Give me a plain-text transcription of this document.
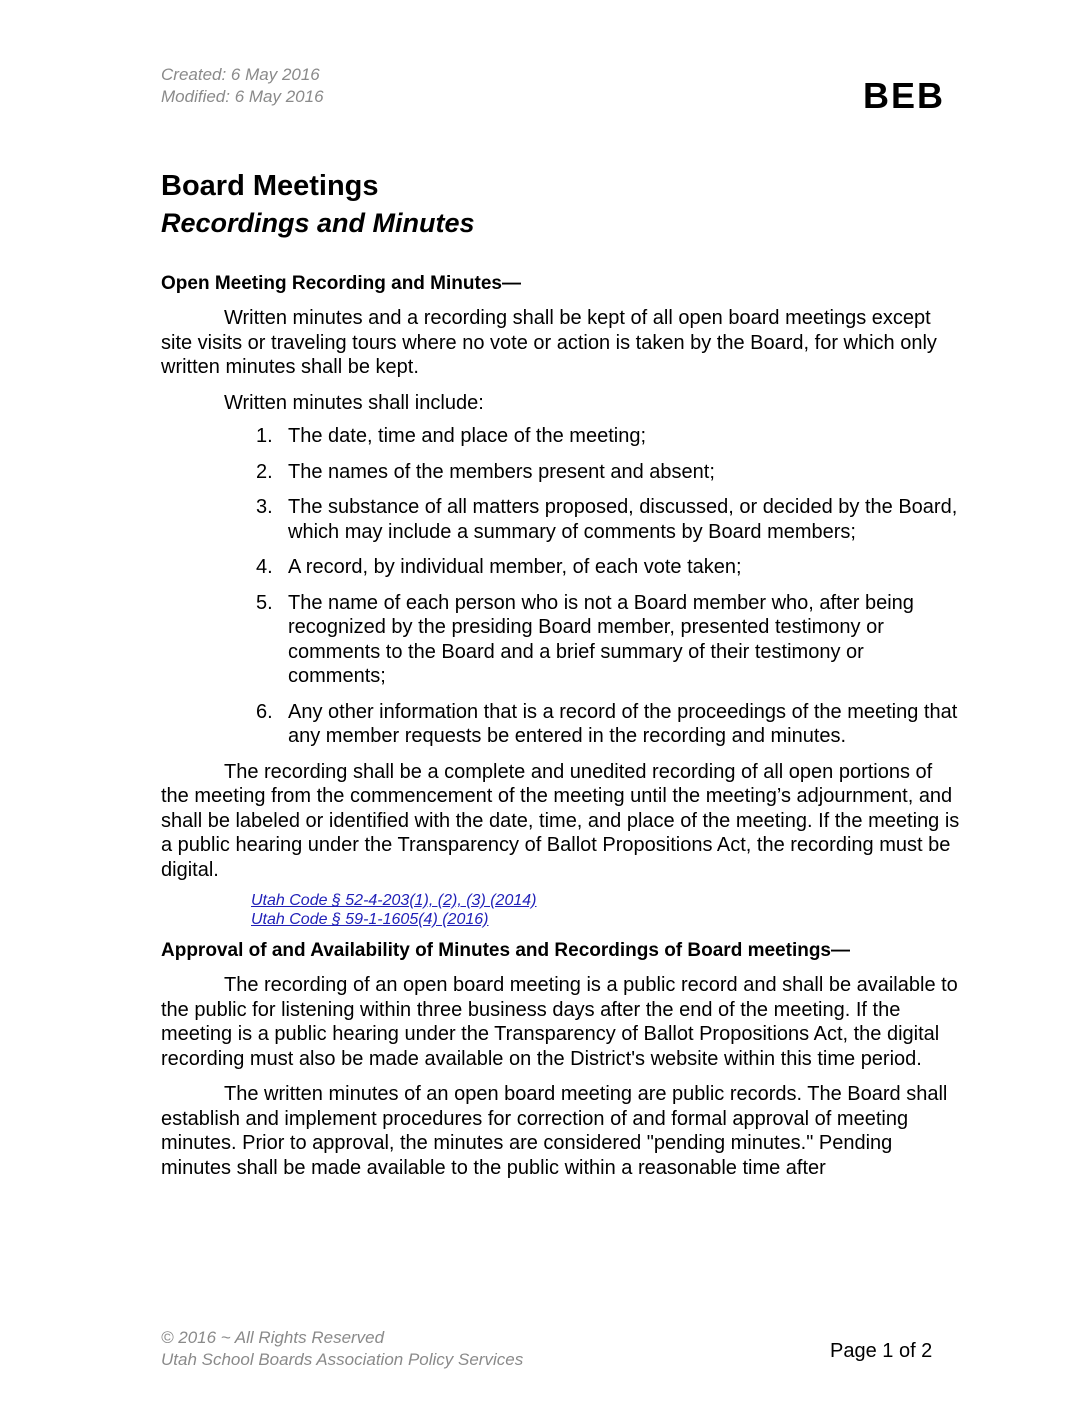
Created: 6 May 2016
Modified: 6 May 2016	BEB
Board Meetings
Recordings and Minutes
Open Meeting Recording and Minutes—

Written minutes and a recording shall be kept of all open board meetings except site visits or traveling tours where no vote or action is taken by the Board, for which only written minutes shall be kept.

Written minutes shall include:

1. The date, time and place of the meeting;
2. The names of the members present and absent;
3. The substance of all matters proposed, discussed, or decided by the Board, which may include a summary of comments by Board members;
4. A record, by individual member, of each vote taken;
5. The name of each person who is not a Board member who, after being recognized by the presiding Board member, presented testimony or comments to the Board and a brief summary of their testimony or comments;
6. Any other information that is a record of the proceedings of the meeting that any member requests be entered in the recording and minutes.

The recording shall be a complete and unedited recording of all open portions of the meeting from the commencement of the meeting until the meeting’s adjournment, and shall be labeled or identified with the date, time, and place of the meeting. If the meeting is a public hearing under the Transparency of Ballot Propositions Act, the recording must be digital.

Utah Code § 52-4-203(1), (2), (3) (2014)
Utah Code § 59-1-1605(4) (2016)
Approval of and Availability of Minutes and Recordings of Board meetings—

The recording of an open board meeting is a public record and shall be available to the public for listening within three business days after the end of the meeting. If the meeting is a public hearing under the Transparency of Ballot Propositions Act, the digital recording must also be made available on the District's website within this time period.

The written minutes of an open board meeting are public records. The Board shall establish and implement procedures for correction of and formal approval of meeting minutes. Prior to approval, the minutes are considered "pending minutes." Pending minutes shall be made available to the public within a reasonable time after

© 2016 ~ All Rights Reserved
Utah School Boards Association Policy Services	Page 1 of 2
